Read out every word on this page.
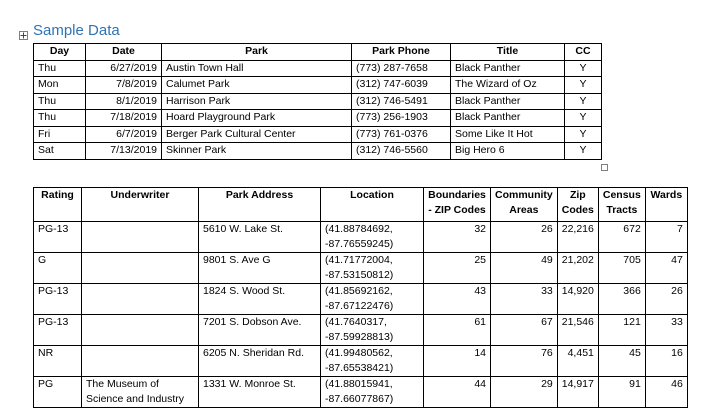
Sample Data
Day	Date	Park	Park Phone	Title	CC
Thu	6/27/2019	Austin Town Hall	(773) 287-7658	Black Panther	Y
Mon	7/8/2019	Calumet Park	(312) 747-6039	The Wizard of Oz	Y
Thu	8/1/2019	Harrison Park	(312) 746-5491	Black Panther	Y
Thu	7/18/2019	Hoard Playground Park	(773) 256-1903	Black Panther	Y
Fri	6/7/2019	Berger Park Cultural Center	(773) 761-0376	Some Like It Hot	Y
Sat	7/13/2019	Skinner Park	(312) 746-5560	Big Hero 6	Y
Rating	Underwriter	Park Address	Location	Boundaries - ZIP Codes	Community Areas	Zip Codes	Census Tracts	Wards
PG-13		5610 W. Lake St.	(41.88784692, -87.76559245)	32	26	22,216	672	7
G		9801 S. Ave G	(41.71772004, -87.53150812)	25	49	21,202	705	47
PG-13		1824 S. Wood St.	(41.85692162, -87.67122476)	43	33	14,920	366	26
PG-13		7201 S. Dobson Ave.	(41.7640317, -87.59928813)	61	67	21,546	121	33
NR		6205 N. Sheridan Rd.	(41.99480562, -87.65538421)	14	76	4,451	45	16
PG	The Museum of Science and Industry	1331 W. Monroe St.	(41.88015941, -87.66077867)	44	29	14,917	91	46
